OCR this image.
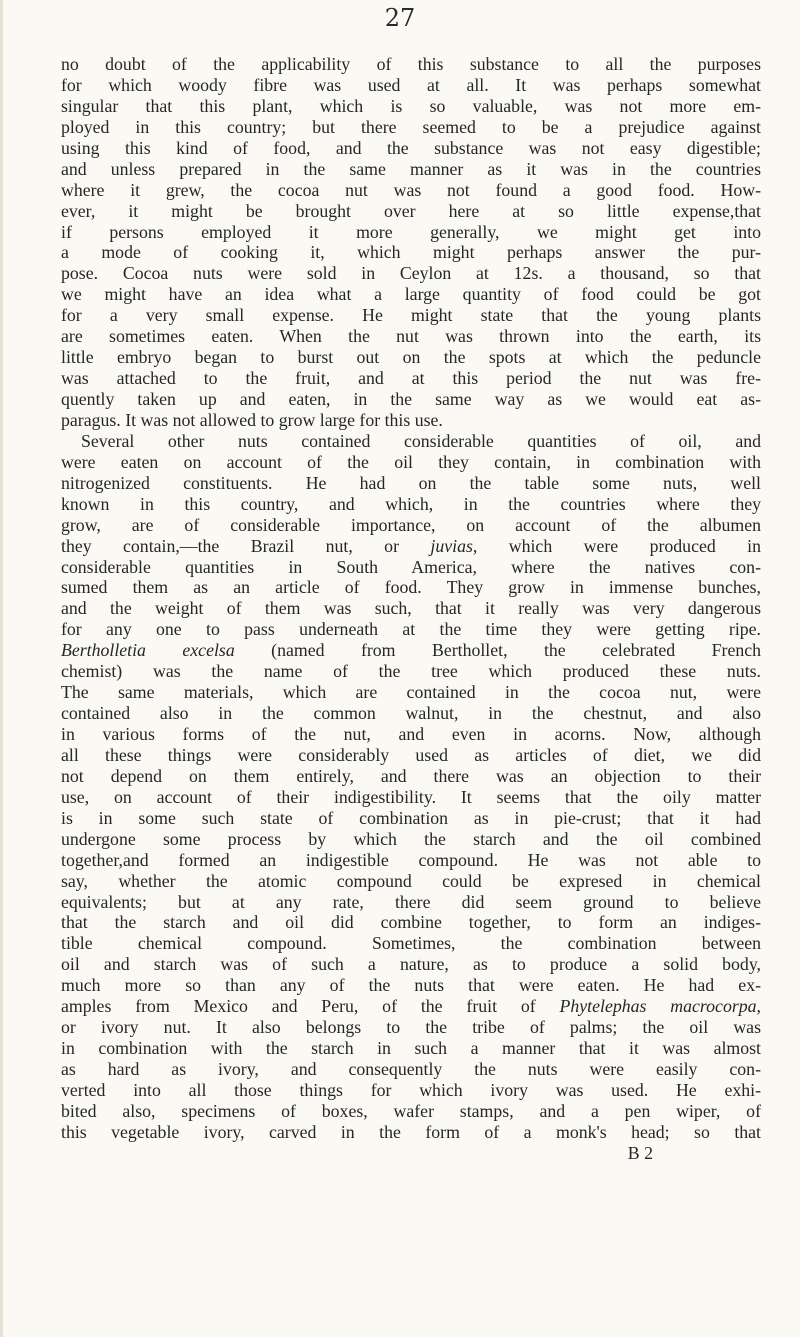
27
no doubt of the applicability of this substance to all the purposes
for which woody fibre was used at all. It was perhaps somewhat
singular that this plant, which is so valuable, was not more em-
ployed in this country; but there seemed to be a prejudice against
using this kind of food, and the substance was not easy digestible;
and unless prepared in the same manner as it was in the countries
where it grew, the cocoa nut was not found a good food. How-
ever, it might be brought over here at so little expense,that
if persons employed it more generally, we might get into
a mode of cooking it, which might perhaps answer the pur-
pose. Cocoa nuts were sold in Ceylon at 12s. a thousand, so that
we might have an idea what a large quantity of food could be got
for a very small expense. He might state that the young plants
are sometimes eaten. When the nut was thrown into the earth, its
little embryo began to burst out on the spots at which the peduncle
was attached to the fruit, and at this period the nut was fre-
quently taken up and eaten, in the same way as we would eat as-
paragus. It was not allowed to grow large for this use.
Several other nuts contained considerable quantities of oil, and
were eaten on account of the oil they contain, in combination with
nitrogenized constituents. He had on the table some nuts, well
known in this country, and which, in the countries where they
grow, are of considerable importance, on account of the albumen
they contain,—the Brazil nut, or juvias, which were produced in
considerable quantities in South America, where the natives con-
sumed them as an article of food. They grow in immense bunches,
and the weight of them was such, that it really was very dangerous
for any one to pass underneath at the time they were getting ripe.
Bertholletia excelsa (named from Berthollet, the celebrated French
chemist) was the name of the tree which produced these nuts.
The same materials, which are contained in the cocoa nut, were
contained also in the common walnut, in the chestnut, and also
in various forms of the nut, and even in acorns. Now, although
all these things were considerably used as articles of diet, we did
not depend on them entirely, and there was an objection to their
use, on account of their indigestibility. It seems that the oily matter
is in some such state of combination as in pie-crust; that it had
undergone some process by which the starch and the oil combined
together,and formed an indigestible compound. He was not able to
say, whether the atomic compound could be expresed in chemical
equivalents; but at any rate, there did seem ground to believe
that the starch and oil did combine together, to form an indiges-
tible chemical compound. Sometimes, the combination between
oil and starch was of such a nature, as to produce a solid body,
much more so than any of the nuts that were eaten. He had ex-
amples from Mexico and Peru, of the fruit of Phytelephas macrocorpa,
or ivory nut. It also belongs to the tribe of palms; the oil was
in combination with the starch in such a manner that it was almost
as hard as ivory, and consequently the nuts were easily con-
verted into all those things for which ivory was used. He exhi-
bited also, specimens of boxes, wafer stamps, and a pen wiper, of
this vegetable ivory, carved in the form of a monk's head; so that
B 2
